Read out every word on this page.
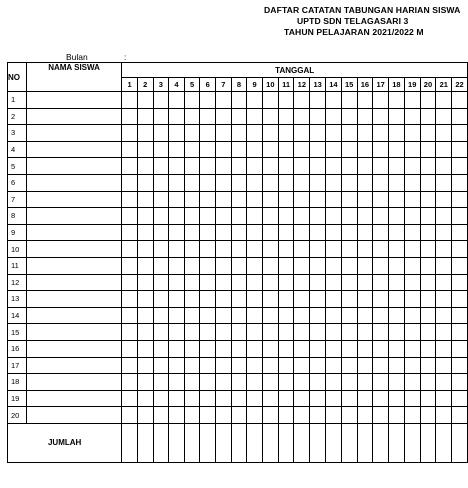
DAFTAR CATATAN TABUNGAN HARIAN SISWA
UPTD SDN TELAGASARI 3
TAHUN PELAJARAN 2021/2022 M
Bulan	:
NO	NAMA SISWA	TANGGAL																					
		1	2	3	4	5	6	7	8	9	10	11	12	13	14	15	16	17	18	19	20	21	22
1																							
2																							
3																							
4																							
5																							
6																							
7																							
8																							
9																							
10																							
11																							
12																							
13																							
14																							
15																							
16																							
17																							
18																							
19																							
20																							
JUMLAH																							
